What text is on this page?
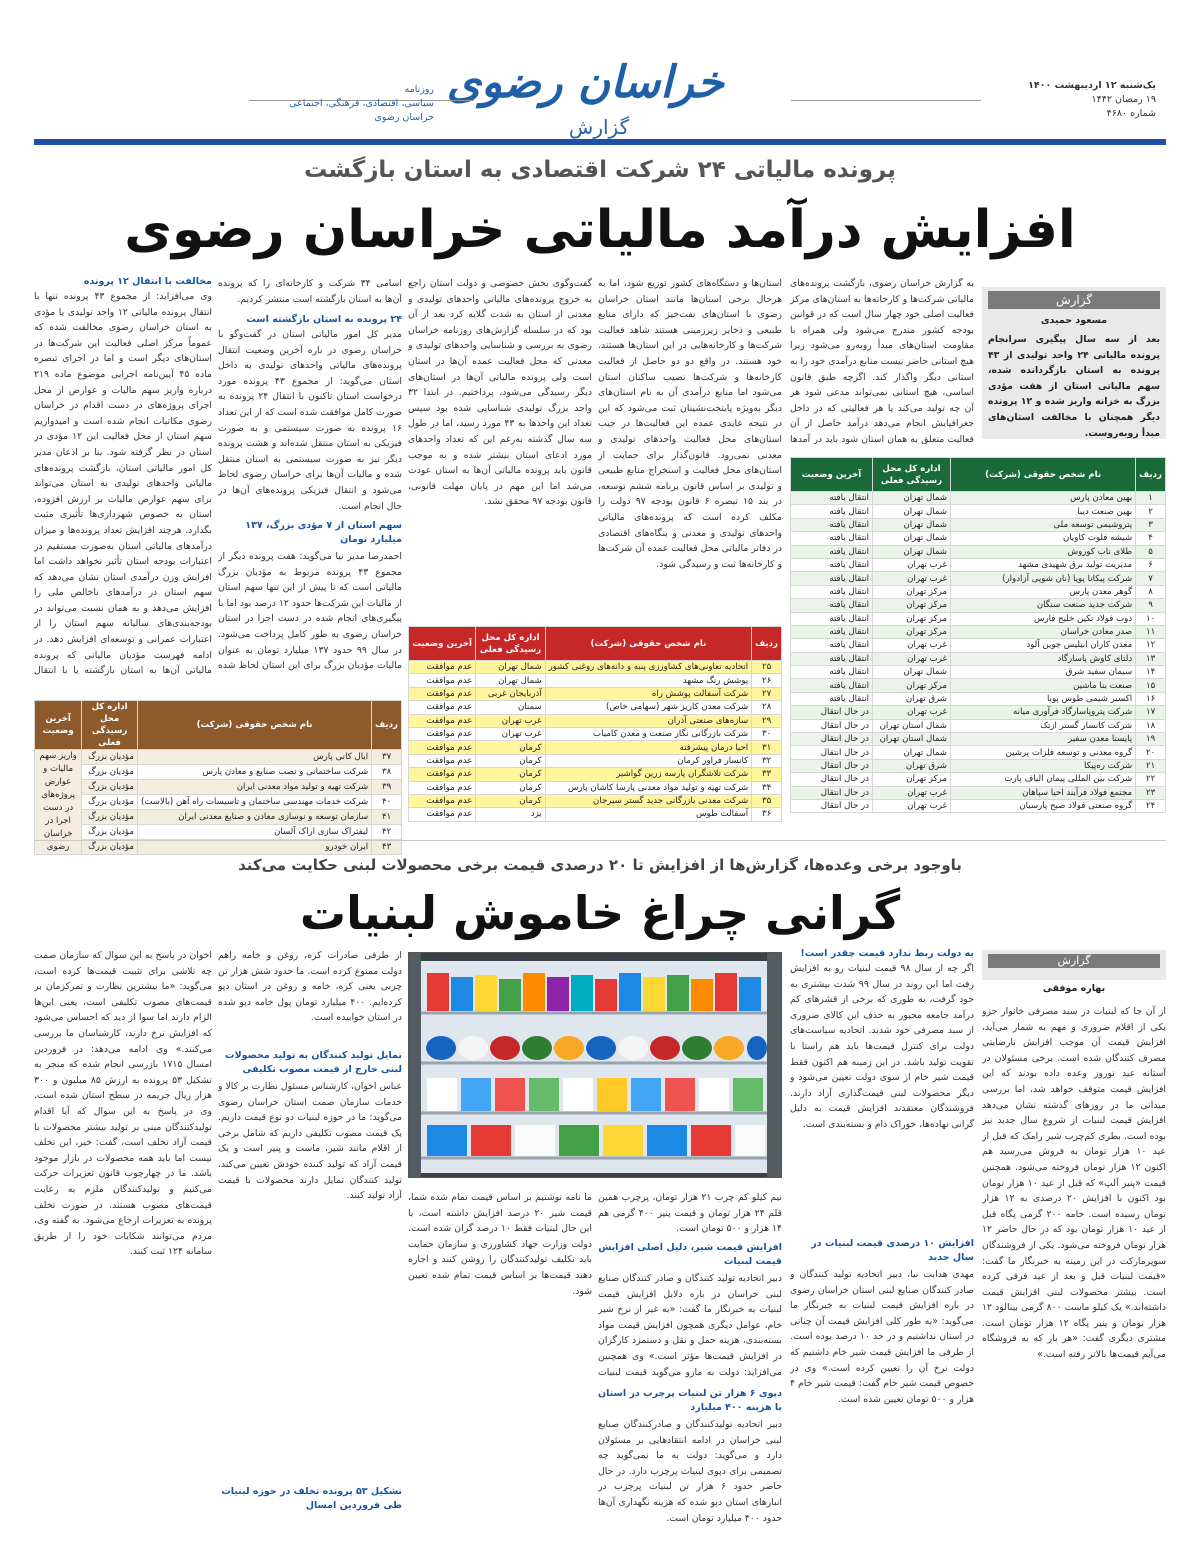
یک‌شنبه ۱۲ اردیبهشت ۱۴۰۰
۱۹ رمضان ۱۴۴۲
شماره ۴۶۸۰
خراسان رضوی
گزارش
روزنامه
سیاسی، اقتصادی، فرهنگی، اجتماعی
خراسان رضوی
پرونده مالیاتی ۲۴ شرکت اقتصادی به استان بازگشت
افزایش درآمد مالیاتی خراسان رضوی
گزارش
مسعود حمیدی
بعد از سه سال پیگیری سرانجام پرونده مالیاتی ۲۴ واحد تولیدی از ۴۳ پرونده به استان بازگردانده شده، سهم مالیاتی استان از هفت مؤدی بزرگ به خزانه واریز شده و ۱۲ پرونده دیگر همچنان با مخالفت استان‌های مبدأ روبه‌روست.
به گزارش خراسان رضوی، بازگشت پرونده‌های مالیاتی شرکت‌ها و کارخانه‌ها به استان‌های مرکز فعالیت اصلی خود چهار سال است که در قوانین بودجه کشور مندرج می‌شود ولی همراه با مقاومت استان‌های مبدأ روبه‌رو می‌شود زیرا هیچ استانی حاضر نیست منابع درآمدی خود را به استانی دیگر واگذار کند. اگرچه طبق قانون اساسی، هیچ استانی نمی‌تواند مدعی شود هر آن چه تولید می‌کند یا هر فعالیتی که در داخل جغرافیایش انجام می‌دهد درآمد حاصل از آن فعالیت متعلق به همان استان شود باید در آمدها
استان‌ها و دستگاه‌های کشور توزیع شود، اما به هرحال برخی استان‌ها مانند استان خراسان رضوی با استان‌های نفت‌خیز که دارای منابع طبیعی و ذخایر زیرزمینی هستند شاهد فعالیت شرکت‌ها و کارخانه‌هایی در این استان‌ها هستند. خود هستند. در واقع دو دو حاصل از فعالیت کارخانه‌ها و شرکت‌ها نصیب ساکنان استان می‌شود اما منابع درآمدی آن به نام استان‌های دیگر به‌ویژه پایتخت‌نشینان ثبت می‌شود که این در نتیجه عایدی عمده این فعالیت‌ها در جیب استان‌های محل فعالیت واحدهای تولیدی و معدنی نمی‌رود. قانون‌گذار برای حمایت از استان‌های محل فعالیت و استخراج منابع طبیعی و تولیدی بر اساس قانون برنامه ششم توسعه، در بند ۱۵ تبصره ۶ قانون بودجه ۹۷ دولت را مکلف کرده است که پرونده‌های مالیاتی واحدهای تولیدی و معدنی و بنگاه‌های اقتصادی در دفاتر مالیاتی محل فعالیت عمده آن شرکت‌ها و کارخانه‌ها ثبت و رسیدگی شود.
گفت‌وگوی بخش خصوصی و دولت استان راجع به خروج پرونده‌های مالیاتی واحدهای تولیدی و معدنی از استان به شدت گلایه کرد بعد از آن بود که در سلسله گزارش‌های روزنامه خراسان رضوی به بررسی و شناسایی واحدهای تولیدی و معدنی که محل فعالیت عمده آن‌ها در استان است ولی پرونده مالیاتی آن‌ها در استان‌های دیگر رسیدگی می‌شود، پرداختیم. در ابتدا ۳۲ واحد بزرگ تولیدی شناسایی شده بود سپس تعداد این واحدها به ۴۳ مورد رسید، اما در طول سه سال گذشته به‌رغم این که تعداد واحدهای مورد ادعای استان بیشتر شده و به موجب قانون باید پرونده مالیاتی آن‌ها به استان عودت می‌شد اما این مهم در پایان مهلت قانونی، قانون بودجه ۹۷ محقق نشد.
اسامی ۳۴ شرکت و کارخانه‌ای را که پرونده آن‌ها به استان بازگشته است منتشر کردیم.
۲۴ پرونده به استان بازگشته است
مدیر کل امور مالیاتی استان در گفت‌وگو با خراسان رضوی در باره آخرین وضعیت انتقال پرونده‌های مالیاتی واحدهای تولیدی به داخل استان می‌گوید: از مجموع ۴۳ پرونده مورد درخواست استان تاکنون با انتقال ۲۴ پرونده به صورت کامل موافقت شده است که از این تعداد ۱۶ پرونده به صورت سیستمی و به صورت فیزیکی به استان منتقل شده‌اند و هشت پرونده دیگر نیز به صورت سیستمی به استان منتقل شده و مالیات آن‌ها برای خراسان رضوی لحاظ می‌شود و انتقال فیزیکی پرونده‌های آن‌ها در حال انجام است.
سهم استان از ۷ مؤدی بزرگ، ۱۳۷ میلیارد تومان
احمدرضا مدیر نیا می‌گوید: هفت پرونده دیگر از مجموع ۴۳ پرونده مربوط به مؤدیان بزرگ مالیاتی است که تا پیش از این تنها سهم استان از مالیات این شرکت‌ها حدود ۱۲ درصد بود اما با پیگیری‌های انجام شده در دست اجرا در استان خراسان رضوی به طور کامل پرداخت می‌شود. در سال ۹۹ حدود ۱۳۷ میلیارد تومان به عنوان مالیات مؤدیان بزرگ برای این استان لحاظ شده
مخالفت با انتقال ۱۲ پرونده
وی می‌افزاید: از مجموع ۴۳ پرونده تنها با انتقال پرونده مالیاتی ۱۲ واحد تولیدی یا مؤدی به استان خراسان رضوی مخالفت شده که عموماً مرکز اصلی فعالیت این شرکت‌ها در استان‌های دیگر است و اما در اجرای تبصره ماده ۴۵ آیین‌نامه اجرایی موضوع ماده ۲۱۹ درباره واریز سهم مالیات و عوارض از محل اجرای پروژه‌های در دست اقدام در خراسان رضوی مکاتبات انجام شده است و امیدواریم سهم استان از محل فعالیت این ۱۲ مؤدی در استان در نظر گرفته شود. بنا بر اذعان مدیر کل امور مالیاتی استان، بازگشت پرونده‌های مالیاتی واحدهای تولیدی به استان می‌تواند برای سهم عوارض مالیات بر ارزش افزوده، استان به خصوص شهرداری‌ها تأثیری مثبت بگذارد. هرچند افزایش تعداد پرونده‌ها و میزان درآمدهای مالیاتی استان به‌صورت مستقیم در اعتبارات بودجه استان تأثیر نخواهد داشت اما افزایش وزن درآمدی استان نشان می‌دهد که سهم استان در درآمدهای ناخالص ملی را افزایش می‌دهد و به همان نسبت می‌تواند در بودجه‌بندی‌های سالیانه سهم استان را از اعتبارات عمرانی و توسعه‌ای افزایش دهد. در ادامه فهرست مؤدیان مالیاتی که پرونده مالیاتی آن‌ها به استان بازگشته یا با انتقال
ردیف	نام شخص حقوقی (شرکت)	اداره کل محل رسیدگی فعلی	آخرین وضعیت
۱	بهین معادن پارس	شمال تهران	انتقال یافته
۲	بهین صنعت دیبا	شمال تهران	انتقال یافته
۳	پتروشیمی توسعه ملی	شمال تهران	انتقال یافته
۴	شیشه فلوت کاویان	شمال تهران	انتقال یافته
۵	طلای ناب کوروش	شمال تهران	انتقال یافته
۶	مدیریت تولید برق شهیدی مشهد	غرب تهران	انتقال یافته
۷	شرکت پیکانا پویا (نان شویی آزادوار)	غرب تهران	انتقال یافته
۸	گوهر معدن پارس	مرکز تهران	انتقال یافته
۹	شرکت جدید صنعت سنگان	مرکز تهران	انتقال یافته
۱۰	ذوب فولاد تکین خلیج فارس	مرکز تهران	انتقال یافته
۱۱	صدر معادن خراسان	مرکز تهران	انتقال یافته
۱۲	معدن کاران انیلیس جوین آلود	غرب تهران	انتقال یافته
۱۳	دلتای کاوش پاسارگاد	غرب تهران	انتقال یافته
۱۴	سیمان سفید شرق	شمال تهران	انتقال یافته
۱۵	صنعت بنا ماشین	مرکز تهران	انتقال یافته
۱۶	اکسیر شیمی طوس پویا	شرق تهران	انتقال یافته
۱۷	شرکت پتروپاسارگاد فرآوری میانه	غرب تهران	در حال انتقال
۱۸	شرکت کانسار گستر ازتک	شمال استان تهران	در حال انتقال
۱۹	پایستا معدن سفیر	شمال استان تهران	در حال انتقال
۲۰	گروه معدنی و توسعه فلزات پرشین	شمال تهران	در حال انتقال
۲۱	شرکت ره‌پیکا	شرق تهران	در حال انتقال
۲۲	شرکت بین المللی پیمان الیاف پارت	مرکز تهران	در حال انتقال
۲۳	مجتمع فولاد فرآیند احیا سپاهان	غرب تهران	در حال انتقال
۲۴	گروه صنعتی فولاد صبح پارسیان	غرب تهران	در حال انتقال
ردیف	نام شخص حقوقی (شرکت)	اداره کل محل رسیدگی فعلی	آخرین وضعیت
۲۵	اتحادیه تعاونی‌های کشاورزی پنبه و دانه‌های روغنی کشور	شمال تهران	عدم موافقت
۲۶	پوشش رنگ مشهد	شمال تهران	عدم موافقت
۲۷	شرکت آسفالت پوشش راه	آذربایجان غربی	عدم موافقت
۲۸	شرکت معدن کاریز شهر (سهامی خاص)	سمنان	عدم موافقت
۲۹	سازه‌های صنعتی آذران	غرب تهران	عدم موافقت
۳۰	شرکت بازرگانی نگار صنعت و معدن کامیاب	غرب تهران	عدم موافقت
۳۱	احیا درمان پیشرفته	کرمان	عدم موافقت
۳۲	کانسار فراور کرمان	کرمان	عدم موافقت
۳۳	شرکت تلاشگران پارسه زرین گواشیر	کرمان	عدم موافقت
۳۴	شرکت تهیه و تولید مواد معدنی پارسا کاشان پارس	کرمان	عدم موافقت
۳۵	شرکت معدنی بازرگانی جدید گستر سیرجان	کرمان	عدم موافقت
۳۶	آسفالت طوس	یزد	عدم موافقت
ردیف	نام شخص حقوقی (شرکت)	اداره کل محل رسیدگی فعلی	آخرین وضعیت
۳۷	ایال کانی پارس	مؤدیان بزرگ	واریز سهم مالیات و عوارض پروژه‌های در دست اجرا در خراسان رضوی
۳۸	شرکت ساختمانی و تصب صنایع و معادن پارس	مؤدیان بزرگ	
۳۹	شرکت تهیه و تولید مواد معدنی ایران	مؤدیان بزرگ	
۴۰	شرکت خدمات مهندسی ساختمان و تاسیسات راه آهن (بالاست)	مؤدیان بزرگ	
۴۱	سازمان توسعه و نوسازی معادن و صنایع معدنی ایران	مؤدیان بزرگ	
۴۲	لیفتراک سازی اراک آلسان	مؤدیان بزرگ	
۴۳	ایران خودرو	مؤدیان بزرگ	
باوجود برخی وعده‌ها، گزارش‌ها از افزایش تا ۲۰ درصدی قیمت برخی محصولات لبنی حکایت می‌کند
گرانی چراغ خاموش لبنیات
گزارش
بهاره موفقی
از آن جا که لبنیات در سبد مصرفی خانوار جزو یکی از اقلام ضروری و مهم به شمار می‌آید، افزایش قیمت آن موجب افزایش نارضایتی مصرف کنندگان شده است. برخی مسئولان در آستانه عید نوروز وعده داده بودند که این افزایش قیمت متوقف خواهد شد، اما بررسی میدانی ما در روزهای گذشته نشان می‌دهد افزایش قیمت لبنیات از شروع سال جدید نیز بوده است. بطری کم‌چرب شیر رامک که قبل از عید ۱۰ هزار تومان به فروش می‌رسید هم اکنون ۱۲ هزار تومان فروخته می‌شود. همچنین قیمت «پنیر آلپ» که قبل از عید ۱۰ هزار تومان بود اکنون با افزایش ۲۰ درصدی به ۱۲ هزار تومان رسیده است. خامه ۲۰۰ گرمی پگاه قبل از عید ۱۰ هزار تومان بود که در حال حاضر ۱۲ هزار تومان فروخته می‌شود. یکی از فروشندگان سوپرمارکت در این زمینه به خبرنگار ما گفت: «قیمت لبنیات قبل و بعد از عید فرقی کرده است. بیشتر محصولات لبنی افزایش قیمت داشته‌اند.» یک کیلو ماست ۸۰۰ گرمی بینالود ۱۲ هزار تومان و پنیر پگاه ۱۲ هزار تومان است. مشتری دیگری گفت: «هر بار که به فروشگاه می‌آیم قیمت‌ها بالاتر رفته است.»
به دولت ربط ندارد قیمت چقدر است!
اگر چه از سال ۹۸ قیمت لبنیات رو به افزایش رفت اما این روند در سال ۹۹ شدت بیشتری به خود گرفت، به طوری که برخی از قشرهای کم درآمد جامعه مجبور به حذف این کالای ضروری از سبد مصرفی خود شدند. اتحادیه سیاست‌های دولت برای کنترل قیمت‌ها باید هم راستا با تقویت تولید باشد. در این زمینه هم اکنون فقط قیمت شیر خام از سوی دولت تعیین می‌شود و دیگر محصولات لبنی قیمت‌گذاری آزاد دارند. فروشندگان معتقدند افزایش قیمت به دلیل گرانی نهاده‌ها، خوراک دام و بسته‌بندی است.
افزایش ۱۰ درصدی قیمت لبنیات در سال جدید
مهدی هدایت نیا، دبیر اتحادیه تولید کنندگان و صادر کنندگان صنایع لبنی استان خراسان رضوی در باره افزایش قیمت لبنیات به خبرنگار ما می‌گوید: «به طور کلی افزایش قیمت آن چنانی در استان نداشتیم و در حد ۱۰ درصد بوده است. از طرفی ما افزایش قیمت شیر خام داشتیم که دولت نرخ آن را تعیین کرده است.» وی در خصوص قیمت شیر خام گفت: قیمت شیر خام ۴ هزار و ۵۰۰ تومان تعیین شده است.
نیم کیلو کم چرب ۲۱ هزار تومان، پرچرب همین قلم ۲۴ هزار تومان و قیمت پنیر ۴۰۰ گرمی هم ۱۴ هزار و ۵۰۰ تومان است.
افزایش قیمت شیر، دلیل اصلی افزایش قیمت لبنیات
دبیر اتحادیه تولید کنندگان و صادر کنندگان صنایع لبنی خراسان در باره دلایل افزایش قیمت لبنیات به خبرنگار ما گفت: «به غیر از نرخ شیر خام، عوامل دیگری همچون افزایش قیمت مواد بسته‌بندی، هزینه حمل و نقل و دستمزد کارگران در افزایش قیمت‌ها مؤثر است.» وی همچنین می‌افزاید: دولت به مازو می‌گوید قیمت لبنیات
دپوی ۶ هزار تن لبنیات پرچرب در استان با هزینه ۴۰۰ میلیارد
دبیر اتحادیه تولیدکنندگان و صادرکنندگان صنایع لبنی خراسان در ادامه انتقادهایی بر مسئولان دارد و می‌گوید: دولت به ما نمی‌گوید چه تصمیمی برای دپوی لبنیات پرچرب دارد. در حال حاضر حدود ۶ هزار تن لبنیات پرچرب در انبارهای استان دپو شده که هزینه نگهداری آن‌ها حدود ۴۰۰ میلیارد تومان است.
ما نامه نوشتیم بر اساس قیمت تمام شده شما، قیمت شیر ۲۰ درصد افزایش داشته است، با این حال لبنیات فقط ۱۰ درصد گران شده است. دولت وزارت جهاد کشاورزی و سازمان حمایت باید تکلیف تولیدکنندگان را روشن کنند و اجازه دهند قیمت‌ها بر اساس قیمت تمام شده تعیین شود.
از طرفی صادرات کره، روغن و خامه راهم دولت ممنوع کرده است. ما حدود شش هزار تن چربی یعنی کره، خامه و روغن در استان دپو کرده‌ایم. ۴۰۰ میلیارد تومان پول خامه دپو شده در استان خوابیده است.
تمایل تولید کنندگان به تولید محصولات لبنی خارج از قیمت مصوب تکلیفی
عباس اخوان، کارشناس مسئول نظارت بر کالا و خدمات سازمان صمت استان خراسان رضوی می‌گوید: ما در حوزه لبنیات دو نوع قیمت داریم. یک قیمت مصوب تکلیفی داریم که شامل برخی از اقلام مانند شیر، ماست و پنیر است و یک قیمت آزاد که تولید کننده خودش تعیین می‌کند. تولید کنندگان تمایل دارند محصولات با قیمت آزاد تولید کنند.
تشکیل ۵۳ پرونده تخلف در حوزه لبنیات طی فروردین امسال
اخوان در پاسخ به این سوال که سازمان صمت چه تلاشی برای تثبیت قیمت‌ها کرده است، می‌گوید: «ما بیشترین نظارت و تمرکزمان بر قیمت‌های مصوب تکلیفی است، یعنی این‌ها الزام دارند اما سوا از دید که احساس می‌شود که افزایش نرخ دارند، کارشناسان ما بررسی می‌کنند.» وی ادامه می‌دهد: در فروردین امسال ۱۷۱۵ بازرسی انجام شده که منجر به تشکیل ۵۳ پرونده به ارزش ۸۵ میلیون و ۳۰۰ هزار ریال جریمه در سطح استان شده است. وی در پاسخ به این سوال که آیا اقدام تولیدکنندگان مبنی بر تولید بیشتر محصولات با قیمت آزاد تخلف است، گفت: خیر، این تخلف نیست اما باید همه محصولات در بازار موجود باشد. ما در چهارچوب قانون تعزیرات حرکت می‌کنیم و تولیدکنندگان ملزم به رعایت قیمت‌های مصوب هستند. در صورت تخلف پرونده به تعزیرات ارجاع می‌شود. به گفته وی، مردم می‌توانند شکایات خود را از طریق سامانه ۱۲۴ ثبت کنند.
